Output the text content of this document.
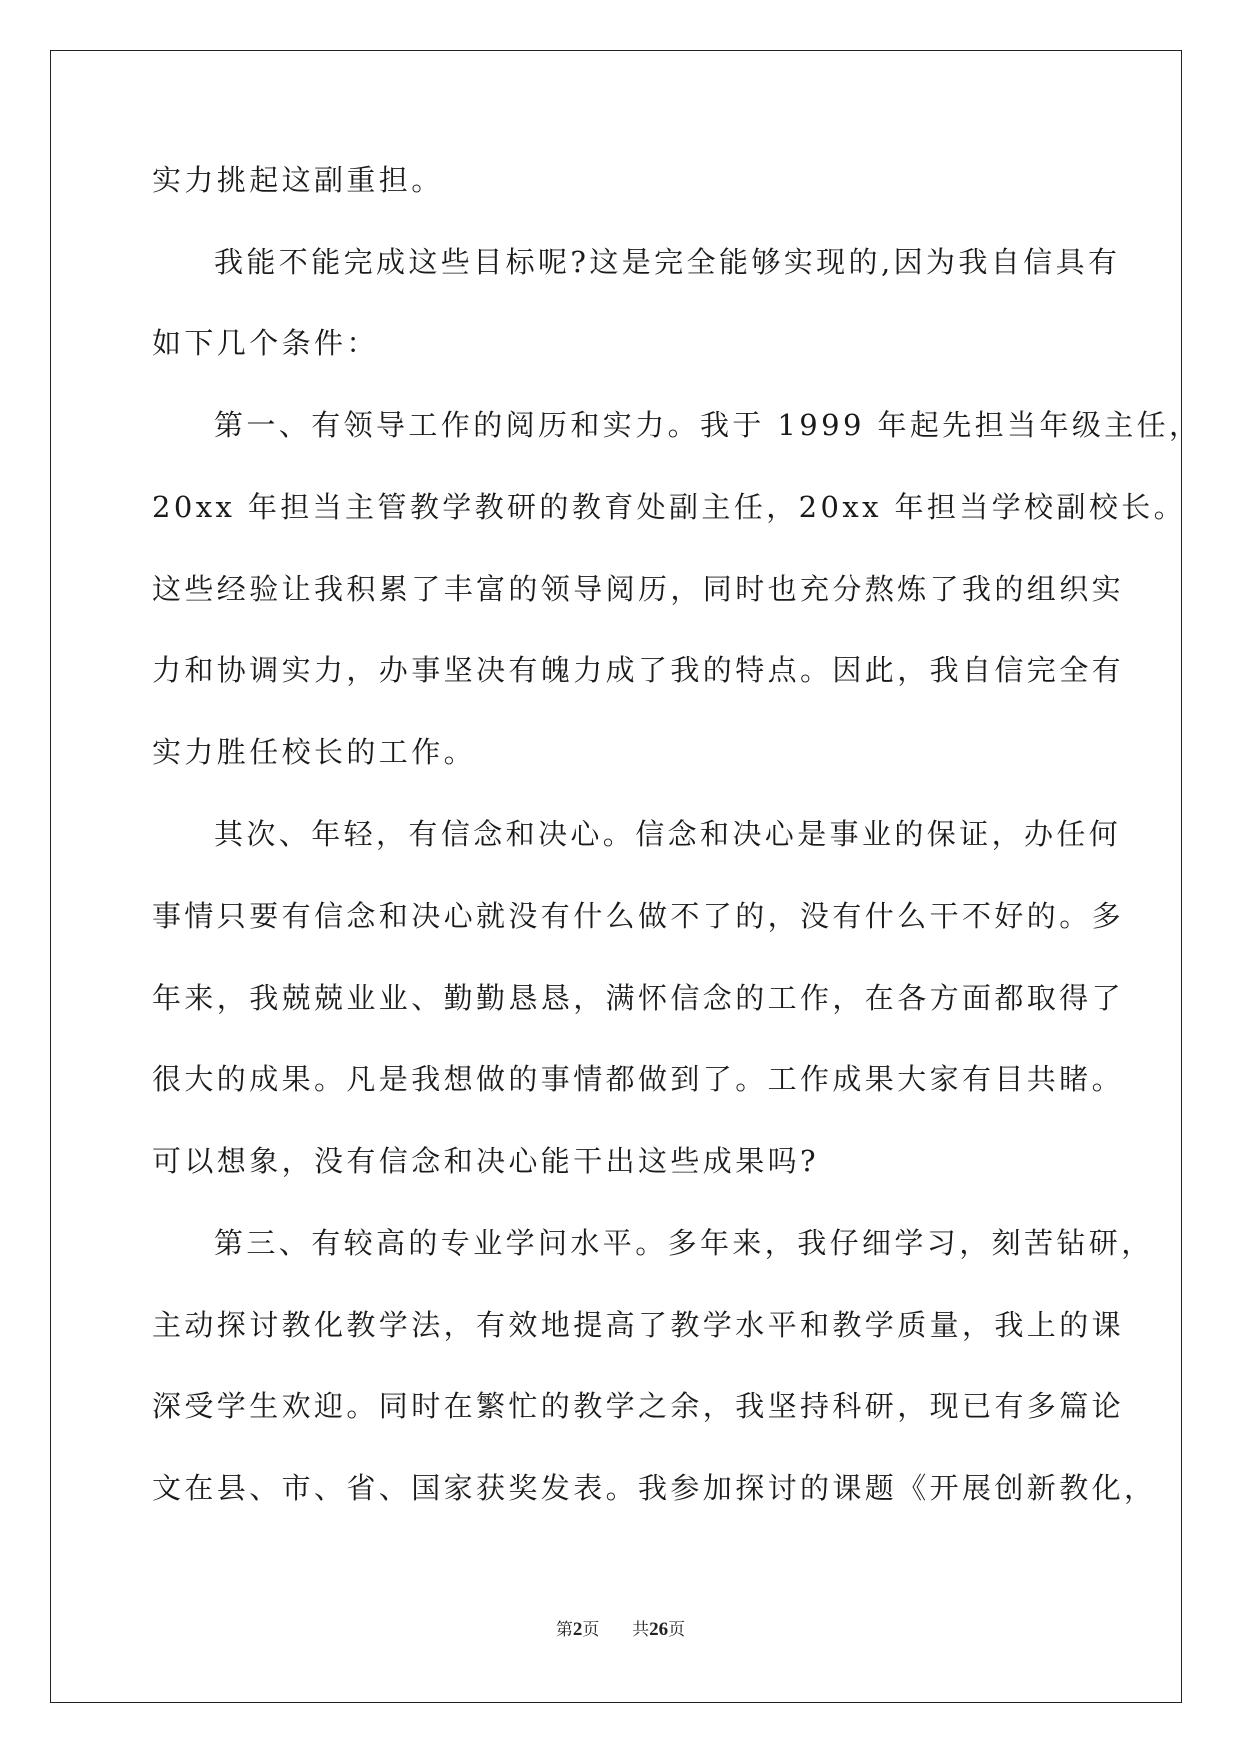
实力挑起这副重担。
我能不能完成这些目标呢?这是完全能够实现的,因为我自信具有
如下几个条件：
第一、有领导工作的阅历和实力。我于 1999 年起先担当年级主任，
20xx 年担当主管教学教研的教育处副主任，20xx 年担当学校副校长。
这些经验让我积累了丰富的领导阅历，同时也充分熬炼了我的组织实
力和协调实力，办事坚决有魄力成了我的特点。因此，我自信完全有
实力胜任校长的工作。
其次、年轻，有信念和决心。信念和决心是事业的保证，办任何
事情只要有信念和决心就没有什么做不了的，没有什么干不好的。多
年来，我兢兢业业、勤勤恳恳，满怀信念的工作，在各方面都取得了
很大的成果。凡是我想做的事情都做到了。工作成果大家有目共睹。
可以想象，没有信念和决心能干出这些成果吗?
第三、有较高的专业学问水平。多年来，我仔细学习，刻苦钻研，
主动探讨教化教学法，有效地提高了教学水平和教学质量，我上的课
深受学生欢迎。同时在繁忙的教学之余，我坚持科研，现已有多篇论
文在县、市、省、国家获奖发表。我参加探讨的课题《开展创新教化，
第2页 共26页
